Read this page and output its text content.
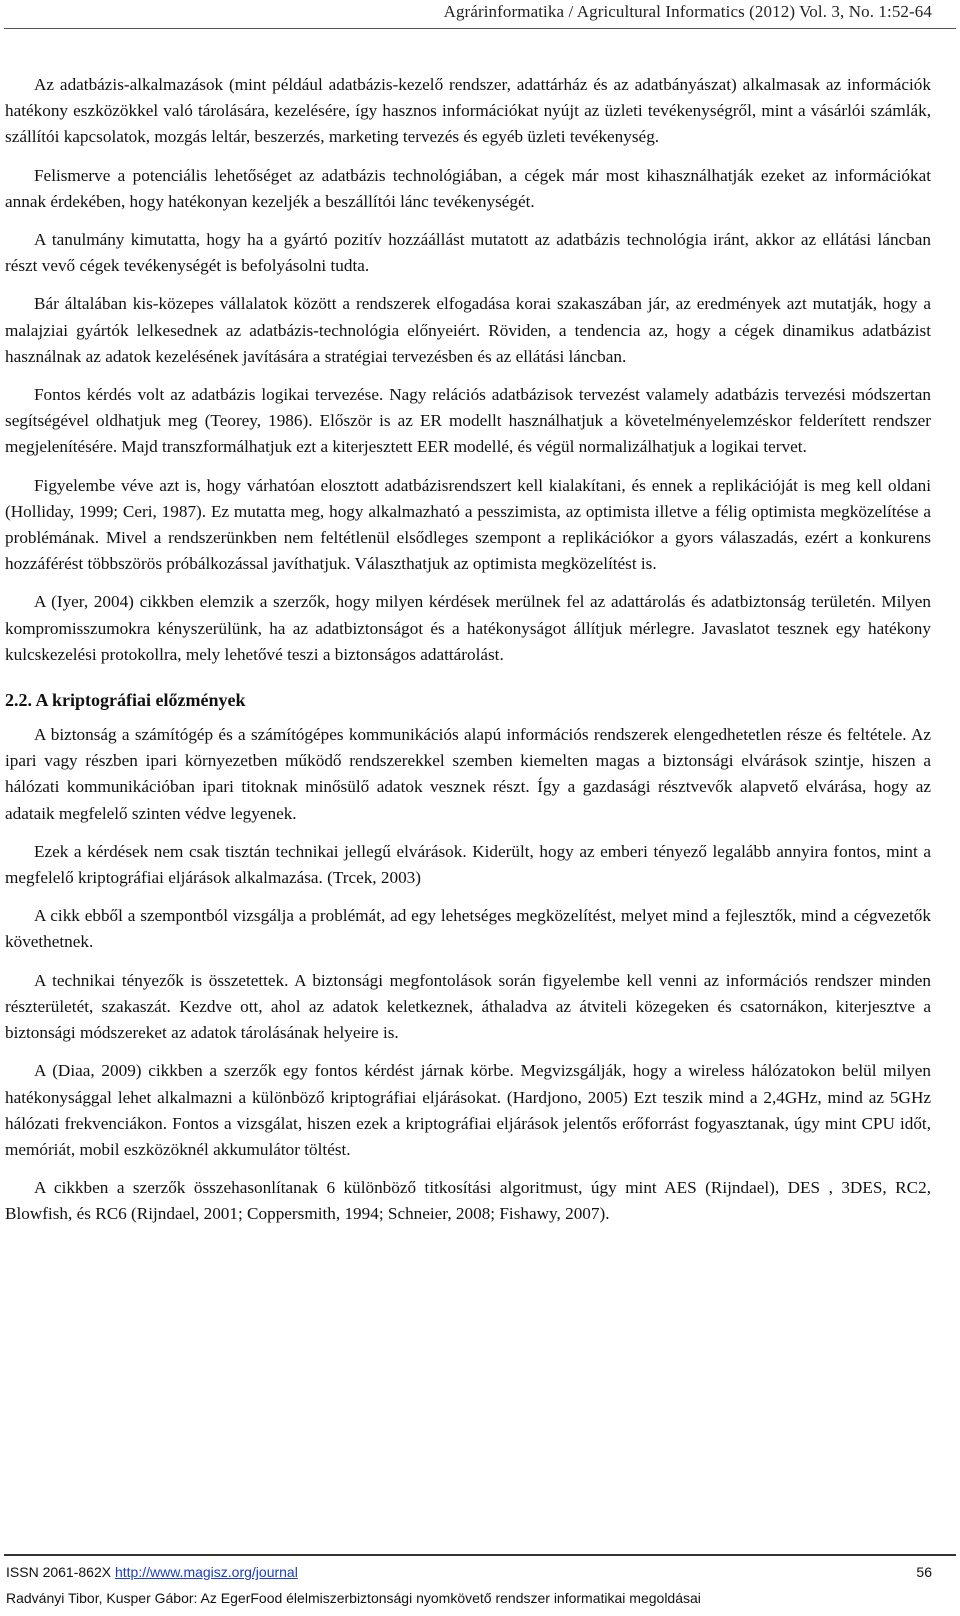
Agrárinformatika / Agricultural Informatics (2012) Vol. 3, No. 1:52-64

Az adatbázis-alkalmazások (mint például adatbázis-kezelő rendszer, adattárház és az adatbányászat) alkalmasak az információk hatékony eszközökkel való tárolására, kezelésére, így hasznos információkat nyújt az üzleti tevékenységről, mint a vásárlói számlák, szállítói kapcsolatok, mozgás leltár, beszerzés, marketing tervezés és egyéb üzleti tevékenység.

Felismerve a potenciális lehetőséget az adatbázis technológiában, a cégek már most kihasználhatják ezeket az információkat annak érdekében, hogy hatékonyan kezeljék a beszállítói lánc tevékenységét.

A tanulmány kimutatta, hogy ha a gyártó pozitív hozzáállást mutatott az adatbázis technológia iránt, akkor az ellátási láncban részt vevő cégek tevékenységét is befolyásolni tudta.

Bár általában kis-közepes vállalatok között a rendszerek elfogadása korai szakaszában jár, az eredmények azt mutatják, hogy a malajziai gyártók lelkesednek az adatbázis-technológia előnyeiért. Röviden, a tendencia az, hogy a cégek dinamikus adatbázist használnak az adatok kezelésének javítására a stratégiai tervezésben és az ellátási láncban.

Fontos kérdés volt az adatbázis logikai tervezése. Nagy relációs adatbázisok tervezést valamely adatbázis tervezési módszertan segítségével oldhatjuk meg (Teorey, 1986). Először is az ER modellt használhatjuk a követelményelemzéskor felderített rendszer megjelenítésére. Majd transzformálhatjuk ezt a kiterjesztett EER modellé, és végül normalizálhatjuk a logikai tervet.

Figyelembe véve azt is, hogy várhatóan elosztott adatbázisrendszert kell kialakítani, és ennek a replikációját is meg kell oldani (Holliday, 1999; Ceri, 1987). Ez mutatta meg, hogy alkalmazható a pesszimista, az optimista illetve a félig optimista megközelítése a problémának. Mivel a rendszerünkben nem feltétlenül elsődleges szempont a replikációkor a gyors válaszadás, ezért a konkurens hozzáférést többszörös próbálkozással javíthatjuk. Választhatjuk az optimista megközelítést is.

A (Iyer, 2004) cikkben elemzik a szerzők, hogy milyen kérdések merülnek fel az adattárolás és adatbiztonság területén. Milyen kompromisszumokra kényszerülünk, ha az adatbiztonságot és a hatékonyságot állítjuk mérlegre. Javaslatot tesznek egy hatékony kulcskezelési protokollra, mely lehetővé teszi a biztonságos adattárolást.

2.2. A kriptográfiai előzmények

A biztonság a számítógép és a számítógépes kommunikációs alapú információs rendszerek elengedhetetlen része és feltétele. Az ipari vagy részben ipari környezetben működő rendszerekkel szemben kiemelten magas a biztonsági elvárások szintje, hiszen a hálózati kommunikációban ipari titoknak minősülő adatok vesznek részt. Így a gazdasági résztvevők alapvető elvárása, hogy az adataik megfelelő szinten védve legyenek.

Ezek a kérdések nem csak tisztán technikai jellegű elvárások. Kiderült, hogy az emberi tényező legalább annyira fontos, mint a megfelelő kriptográfiai eljárások alkalmazása. (Trcek, 2003)

A cikk ebből a szempontból vizsgálja a problémát, ad egy lehetséges megközelítést, melyet mind a fejlesztők, mind a cégvezetők követhetnek.

A technikai tényezők is összetettek. A biztonsági megfontolások során figyelembe kell venni az információs rendszer minden részterületét, szakaszát. Kezdve ott, ahol az adatok keletkeznek, áthaladva az átviteli közegeken és csatornákon, kiterjesztve a biztonsági módszereket az adatok tárolásának helyeire is.

A (Diaa, 2009) cikkben a szerzők egy fontos kérdést járnak körbe. Megvizsgálják, hogy a wireless hálózatokon belül milyen hatékonysággal lehet alkalmazni a különböző kriptográfiai eljárásokat. (Hardjono, 2005) Ezt teszik mind a 2,4GHz, mind az 5GHz hálózati frekvenciákon. Fontos a vizsgálat, hiszen ezek a kriptográfiai eljárások jelentős erőforrást fogyasztanak, úgy mint CPU időt, memóriát, mobil eszközöknél akkumulátor töltést.

A cikkben a szerzők összehasonlítanak 6 különböző titkosítási algoritmust, úgy mint AES (Rijndael), DES , 3DES, RC2, Blowfish, és RC6 (Rijndael, 2001; Coppersmith, 1994; Schneier, 2008; Fishawy, 2007).

ISSN 2061-862X http://www.magisz.org/journal	56
Radványi Tibor, Kusper Gábor: Az EgerFood élelmiszerbiztonsági nyomkövető rendszer informatikai megoldásai
